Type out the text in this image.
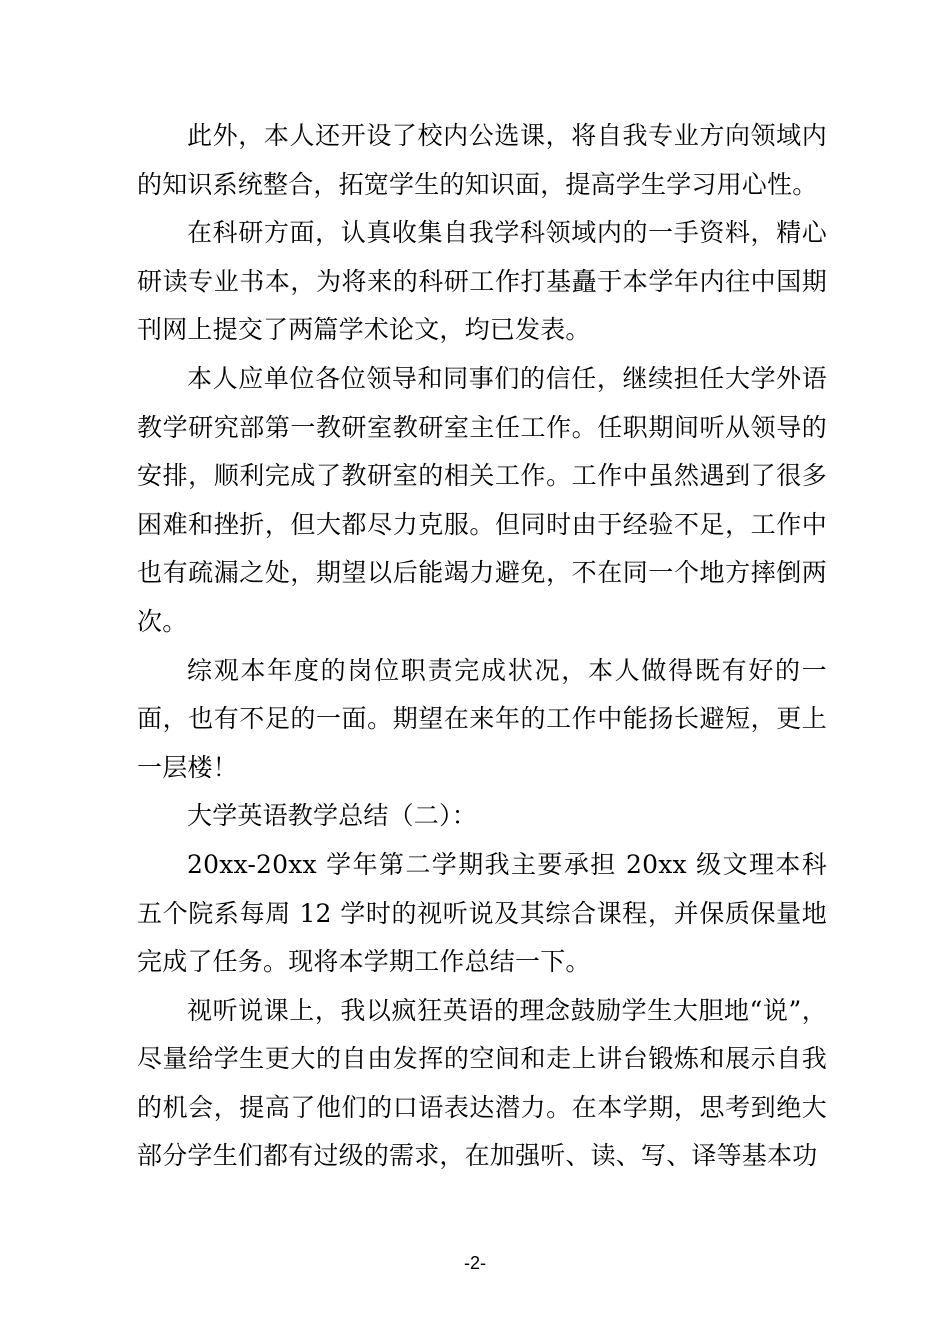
此外，本人还开设了校内公选课，将自我专业方向领域内的知识系统整合，拓宽学生的知识面，提高学生学习用心性。

在科研方面，认真收集自我学科领域内的一手资料，精心研读专业书本，为将来的科研工作打基矗于本学年内往中国期刊网上提交了两篇学术论文，均已发表。

本人应单位各位领导和同事们的信任，继续担任大学外语教学研究部第一教研室教研室主任工作。任职期间听从领导的安排，顺利完成了教研室的相关工作。工作中虽然遇到了很多困难和挫折，但大都尽力克服。但同时由于经验不足，工作中也有疏漏之处，期望以后能竭力避免，不在同一个地方摔倒两次。

综观本年度的岗位职责完成状况，本人做得既有好的一面，也有不足的一面。期望在来年的工作中能扬长避短，更上一层楼！

大学英语教学总结（二）：

20xx-20xx 学年第二学期我主要承担 20xx 级文理本科五个院系每周 12 学时的视听说及其综合课程，并保质保量地完成了任务。现将本学期工作总结一下。

视听说课上，我以疯狂英语的理念鼓励学生大胆地“说”，尽量给学生更大的自由发挥的空间和走上讲台锻炼和展示自我的机会，提高了他们的口语表达潜力。在本学期，思考到绝大部分学生们都有过级的需求，在加强听、读、写、译等基本功

-2-
